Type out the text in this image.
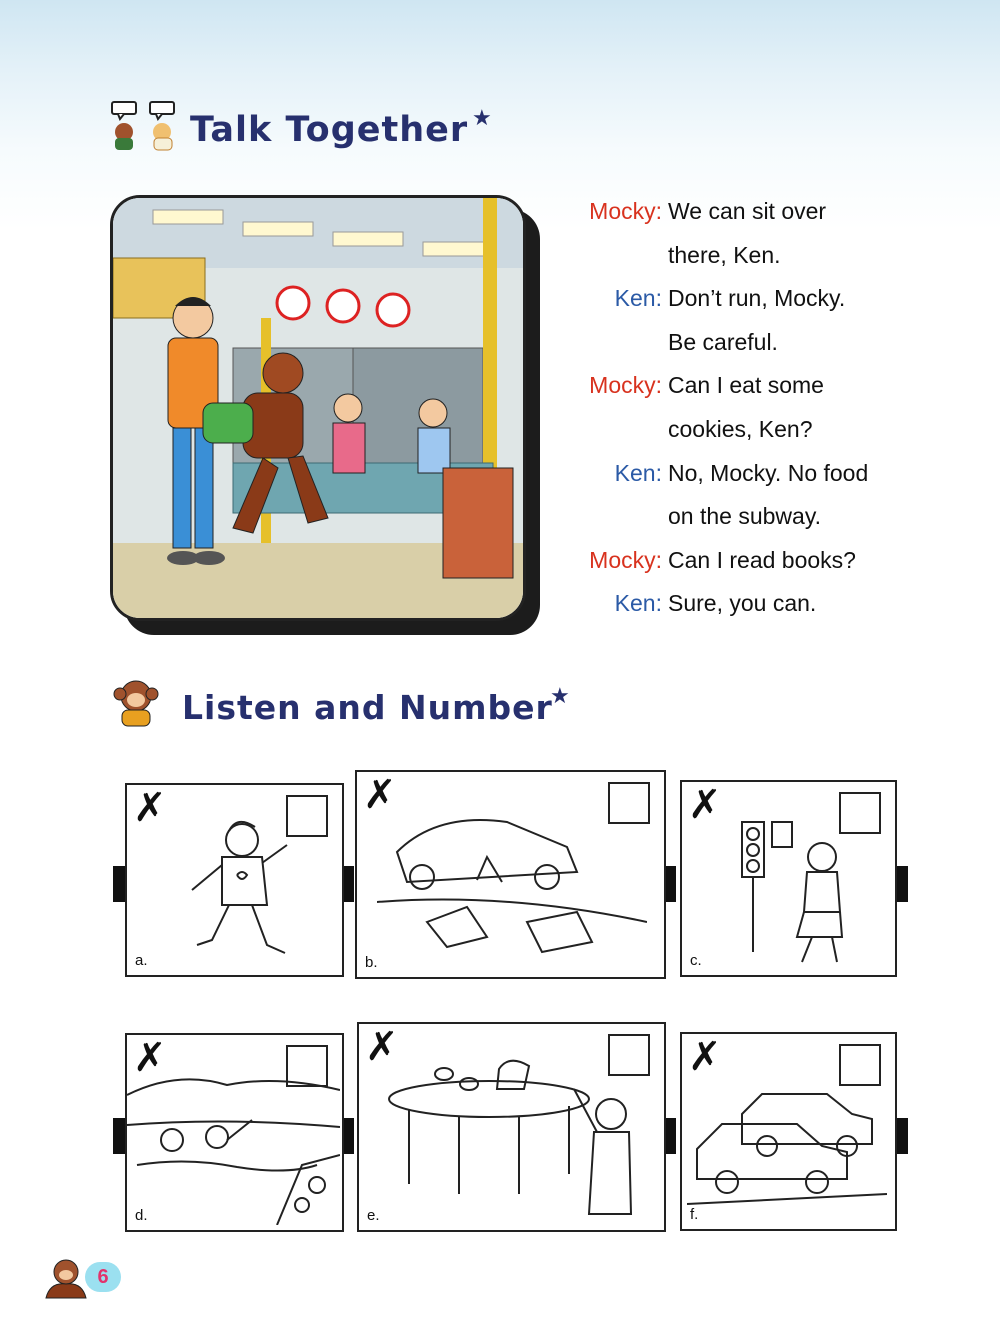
Talk Together ★
Mocky: We can sit over
there, Ken.
Ken: Don’t run, Mocky.
Be careful.
Mocky: Can I eat some
cookies, Ken?
Ken: No, Mocky. No food
on the subway.
Mocky: Can I read books?
Ken: Sure, you can.
Listen and Number
★
✗
a.
✗
b.
✗
c.
✗
d.
✗
e.
✗
f.
6
